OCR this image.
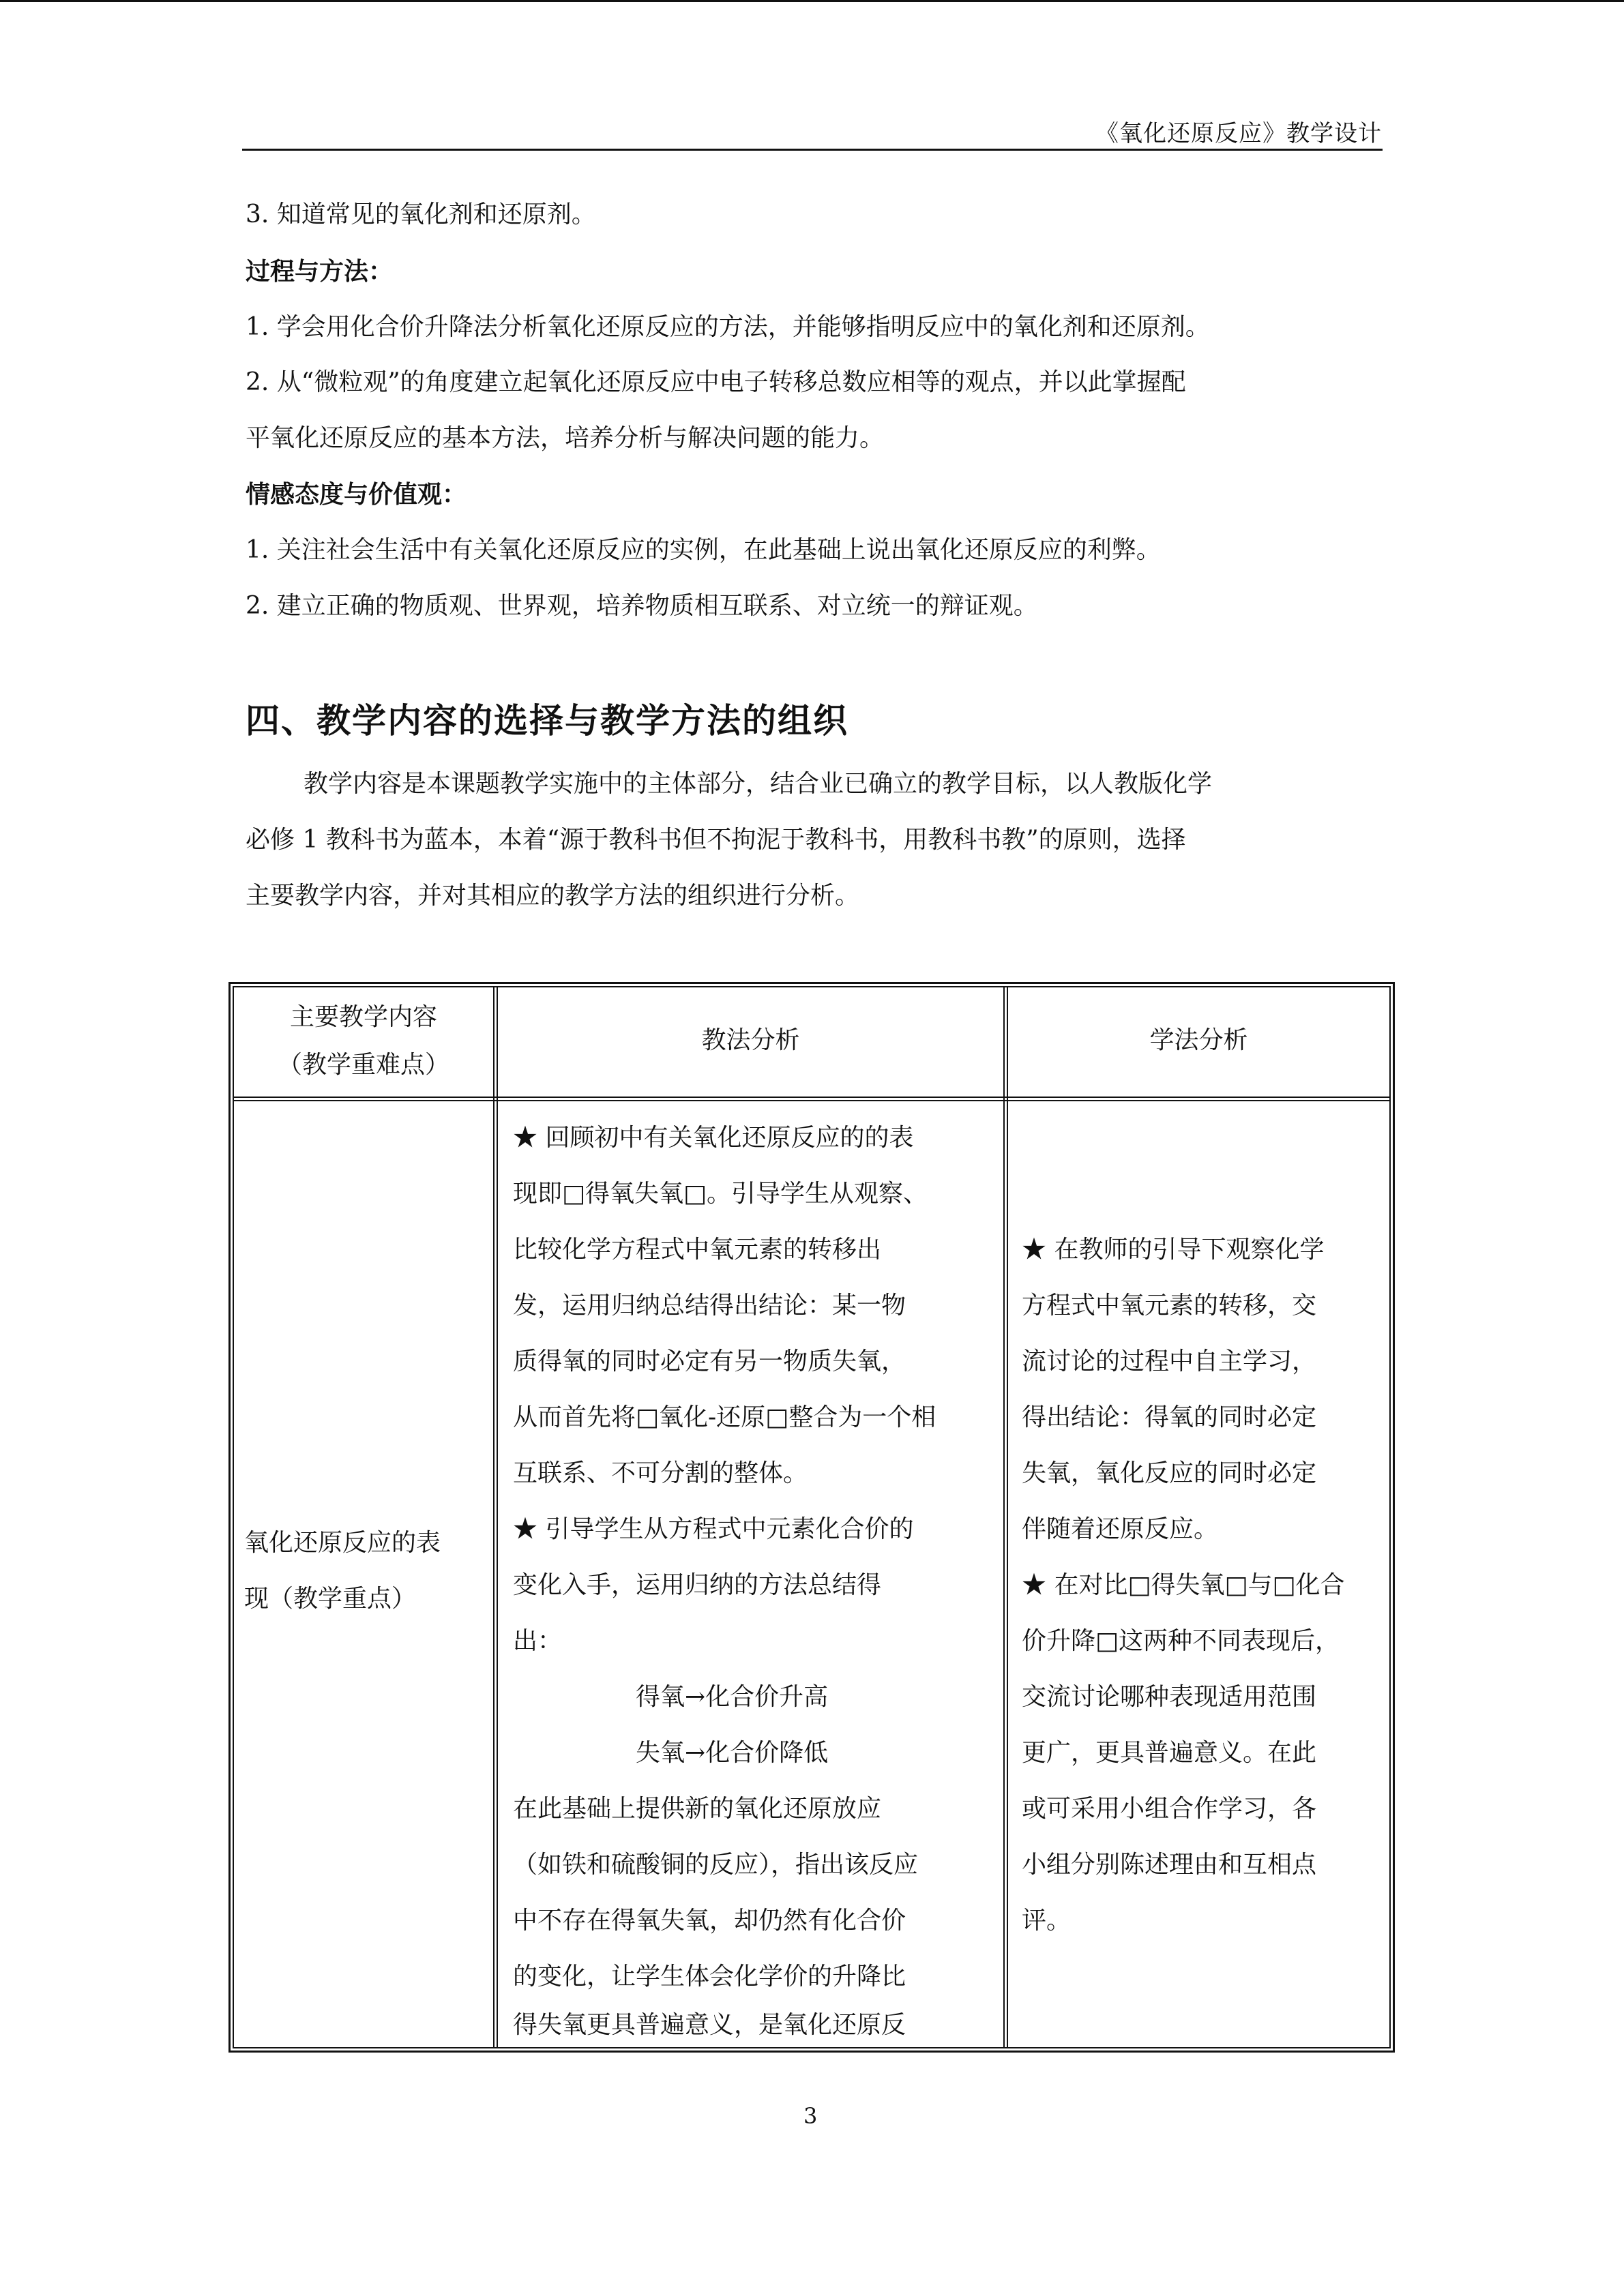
《氧化还原反应》教学设计
3. 知道常见的氧化剂和还原剂。
过程与方法：
1. 学会用化合价升降法分析氧化还原反应的方法，并能够指明反应中的氧化剂和还原剂。
2. 从“微粒观”的角度建立起氧化还原反应中电子转移总数应相等的观点，并以此掌握配
平氧化还原反应的基本方法，培养分析与解决问题的能力。
情感态度与价值观：
1. 关注社会生活中有关氧化还原反应的实例，在此基础上说出氧化还原反应的利弊。
2. 建立正确的物质观、世界观，培养物质相互联系、对立统一的辩证观。
四、教学内容的选择与教学方法的组织
教学内容是本课题教学实施中的主体部分，结合业已确立的教学目标，以人教版化学
必修 1 教科书为蓝本，本着“源于教科书但不拘泥于教科书，用教科书教”的原则，选择
主要教学内容，并对其相应的教学方法的组织进行分析。
主要教学内容
（教学重难点）
教法分析	学法分析
氧化还原反应的表
现（教学重点）
★ 回顾初中有关氧化还原反应的的表
现即□得氧失氧□。引导学生从观察、
比较化学方程式中氧元素的转移出
发，运用归纳总结得出结论：某一物
质得氧的同时必定有另一物质失氧，
从而首先将□氧化-还原□整合为一个相
互联系、不可分割的整体。
★ 引导学生从方程式中元素化合价的
变化入手，运用归纳的方法总结得
出：
得氧→化合价升高
失氧→化合价降低
在此基础上提供新的氧化还原放应
（如铁和硫酸铜的反应），指出该反应
中不存在得氧失氧，却仍然有化合价
的变化，让学生体会化学价的升降比
得失氧更具普遍意义，是氧化还原反
★ 在教师的引导下观察化学
方程式中氧元素的转移，交
流讨论的过程中自主学习，
得出结论：得氧的同时必定
失氧，氧化反应的同时必定
伴随着还原反应。
★ 在对比□得失氧□与□化合
价升降□这两种不同表现后，
交流讨论哪种表现适用范围
更广，更具普遍意义。在此
或可采用小组合作学习，各
小组分别陈述理由和互相点
评。
3
